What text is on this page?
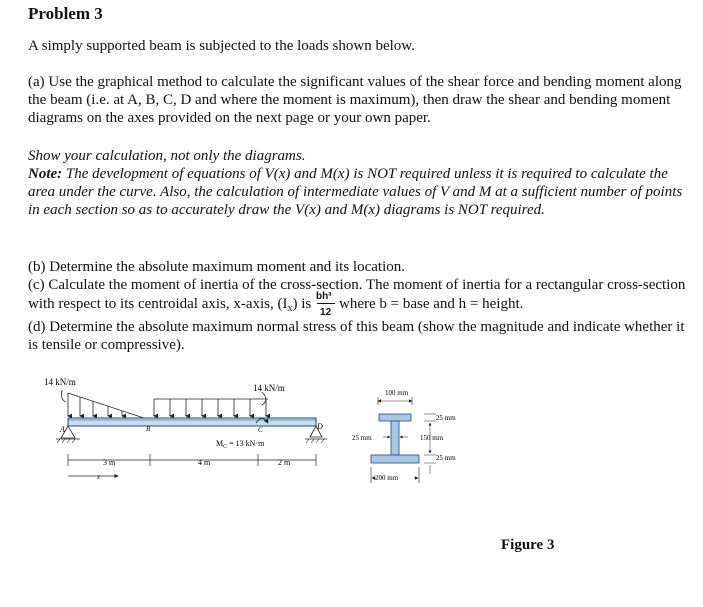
Problem 3
A simply supported beam is subjected to the loads shown below.
(a) Use the graphical method to calculate the significant values of the shear force and bending moment along the beam (i.e. at A, B, C, D and where the moment is maximum), then draw the shear and bending moment diagrams on the axes provided on the next page or your own paper.
Show your calculation, not only the diagrams.
Note: The development of equations of V(x) and M(x) is NOT required unless it is required to calculate the area under the curve. Also, the calculation of intermediate values of V and M at a sufficient number of points in each section so as to accurately draw the V(x) and M(x) diagrams is NOT required.
(b) Determine the absolute maximum moment and its location.
(c) Calculate the moment of inertia of the cross-section. The moment of inertia for a rectangular cross-section with respect to its centroidal axis, x-axis, $(I_x)$ is $\frac{\text{bh³}}{12}$ where b = base and h = height.
(d) Determine the absolute maximum normal stress of this beam (show the magnitude and indicate whether it is tensile or compressive).
14 kN/m
14 kN/m
A	B	C	D
$M_C = 13$ kN·m
3 m	4 m	2 m
x
100 mm
25 mm
150 mm
25 mm
25 mm
200 mm
Figure 3
